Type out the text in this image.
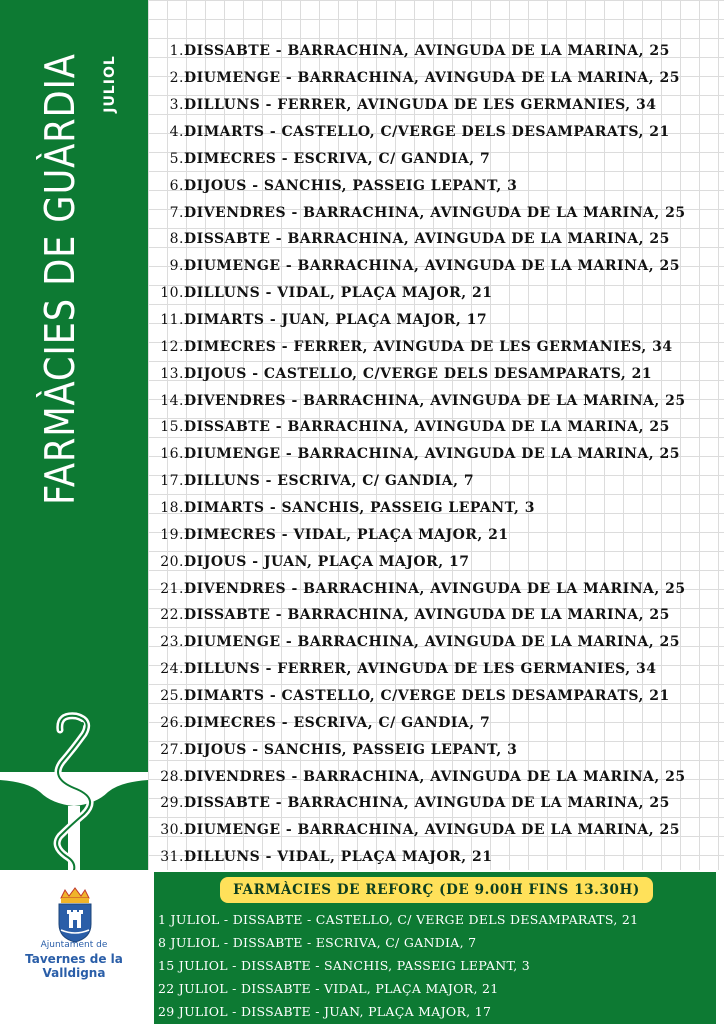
FARMÀCIES DE GUÀRDIA JULIOL
Ajuntament de
Tavernes de la Valldigna
1. DISSABTE - BARRACHINA, AVINGUDA DE LA MARINA, 25
2. DIUMENGE - BARRACHINA, AVINGUDA DE LA MARINA, 25
3. DILLUNS - FERRER, AVINGUDA DE LES GERMANIES, 34
4. DIMARTS - CASTELLO, C/VERGE DELS DESAMPARATS, 21
5. DIMECRES - ESCRIVA, C/ GANDIA, 7
6. DIJOUS - SANCHIS, PASSEIG LEPANT, 3
7. DIVENDRES - BARRACHINA, AVINGUDA DE LA MARINA, 25
8. DISSABTE - BARRACHINA, AVINGUDA DE LA MARINA, 25
9. DIUMENGE - BARRACHINA, AVINGUDA DE LA MARINA, 25
10. DILLUNS - VIDAL, PLAÇA MAJOR, 21
11. DIMARTS - JUAN, PLAÇA MAJOR, 17
12. DIMECRES - FERRER, AVINGUDA DE LES GERMANIES, 34
13. DIJOUS - CASTELLO, C/VERGE DELS DESAMPARATS, 21
14. DIVENDRES - BARRACHINA, AVINGUDA DE LA MARINA, 25
15. DISSABTE - BARRACHINA, AVINGUDA DE LA MARINA, 25
16. DIUMENGE - BARRACHINA, AVINGUDA DE LA MARINA, 25
17. DILLUNS - ESCRIVA, C/ GANDIA, 7
18. DIMARTS - SANCHIS, PASSEIG LEPANT, 3
19. DIMECRES - VIDAL, PLAÇA MAJOR, 21
20. DIJOUS - JUAN, PLAÇA MAJOR, 17
21. DIVENDRES - BARRACHINA, AVINGUDA DE LA MARINA, 25
22. DISSABTE - BARRACHINA, AVINGUDA DE LA MARINA, 25
23. DIUMENGE - BARRACHINA, AVINGUDA DE LA MARINA, 25
24. DILLUNS - FERRER, AVINGUDA DE LES GERMANIES, 34
25. DIMARTS - CASTELLO, C/VERGE DELS DESAMPARATS, 21
26. DIMECRES - ESCRIVA, C/ GANDIA, 7
27. DIJOUS - SANCHIS, PASSEIG LEPANT, 3
28. DIVENDRES - BARRACHINA, AVINGUDA DE LA MARINA, 25
29. DISSABTE - BARRACHINA, AVINGUDA DE LA MARINA, 25
30. DIUMENGE - BARRACHINA, AVINGUDA DE LA MARINA, 25
31. DILLUNS - VIDAL, PLAÇA MAJOR, 21
FARMÀCIES DE REFORÇ (DE 9.00H FINS 13.30H)
1 JULIOL - DISSABTE - CASTELLO, C/ VERGE DELS DESAMPARATS, 21
8 JULIOL - DISSABTE - ESCRIVA, C/ GANDIA, 7
15 JULIOL - DISSABTE - SANCHIS, PASSEIG LEPANT, 3
22 JULIOL - DISSABTE - VIDAL, PLAÇA MAJOR, 21
29 JULIOL - DISSABTE - JUAN, PLAÇA MAJOR, 17
